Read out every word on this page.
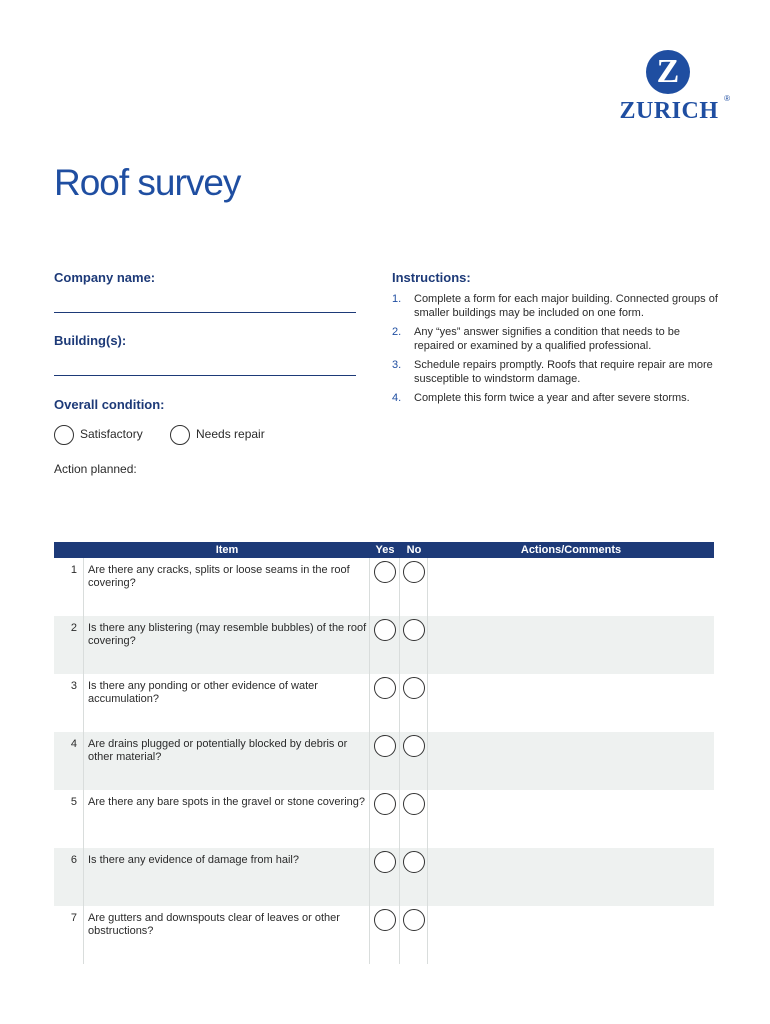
Z
ZURICH ®
Roof survey
Company name:
Building(s):
Overall condition:
Satisfactory	Needs repair
Action planned:
Instructions:
1. Complete a form for each major building. Connected groups of smaller buildings may be included on one form.
2. Any “yes” answer signifies a condition that needs to be repaired or examined by a qualified professional.
3. Schedule repairs promptly. Roofs that require repair are more susceptible to windstorm damage.
4. Complete this form twice a year and after severe storms.
Item	Yes	No	Actions/Comments
1	Are there any cracks, splits or loose seams in the roof covering?
2	Is there any blistering (may resemble bubbles) of the roof covering?
3	Is there any ponding or other evidence of water accumulation?
4	Are drains plugged or potentially blocked by debris or other material?
5	Are there any bare spots in the gravel or stone covering?
6	Is there any evidence of damage from hail?
7	Are gutters and downspouts clear of leaves or other obstructions?
